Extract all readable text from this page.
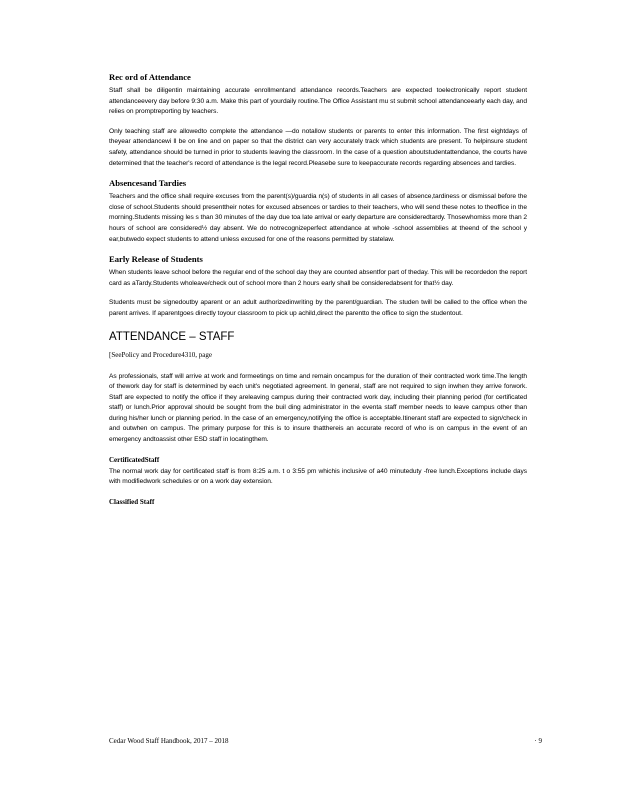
Rec ord of Attendance

Staff shall be diligentin maintaining accurate enrollmentand attendance records.Teachers are expected toelectronically report student attendanceevery day before 9:30 a.m. Make this part of yourdaily routine.The Office Assistant mu st submit school attendanceearly each day, and relies on promptreporting by teachers.

Only teaching staff are allowedto complete the attendance —do notallow students or parents to enter this information. The first eightdays of theyear attendancewi ll be on line and on paper so that the district can very accurately track which students are present. To helpinsure student safety, attendance should be turned in prior to students leaving the classroom. In the case of a question aboutstudentattendance, the courts have determined that the teacher's record of attendance is the legal record.Pleasebe sure to keepaccurate records regarding absences and tardies.

Absencesand Tardies

Teachers and the office shall require excuses from the parent(s)/guardia n(s) of students in all cases of absence,tardiness or dismissal before the close of school.Students should presenttheir notes for excused absences or tardies to their teachers, who will send these notes to theoffice in the morning.Students missing les s than 30 minutes of the day due toa late arrival or early departure are consideredtardy. Thosewhomiss more than 2 hours of school are considered½ day absent. We do notrecognizeperfect attendance at whole -school assemblies at theend of the school y ear,butwedo expect students to attend unless excused for one of the reasons permitted by statelaw.

Early Release of Students

When students leave school before the regular end of the school day they are counted absentfor part of theday. This will be recordedon the report card as aTardy.Students wholeave/check out of school more than 2 hours early shall be consideredabsent for that½ day.

Students must be signedoutby aparent or an adult authorizedinwriting by the parent/guardian. The studen twill be called to the office when the parent arrives. If aparentgoes directly toyour classroom to pick up achild,direct the parentto the office to sign the studentout.

ATTENDANCE – STAFF

[SeePolicy and Procedure4310, page

As professionals, staff will arrive at work and formeetings on time and remain oncampus for the duration of their contracted work time.The length of thework day for staff is determined by each unit's negotiated agreement. In general, staff are not required to sign inwhen they arrive forwork. Staff are expected to notify the office if they areleaving campus during their contracted work day, including their planning period (for certificated staff) or lunch.Prior approval should be sought from the buil ding administrator in the eventa staff member needs to leave campus other than during his/her lunch or planning period. In the case of an emergency,notifying the office is acceptable.Itinerant staff are expected to sign/check in and outwhen on campus. The primary purpose for this is to insure thatthereis an accurate record of who is on campus in the event of an emergency andtoassist other ESD staff in locatingthem.

CertificatedStaff

The normal work day for certificated staff is from 8:25 a.m. t o 3:55 pm whichis inclusive of a40 minuteduty -free lunch.Exceptions include days with modifiedwork schedules or on a work day extension.

Classified Staff
Cedar Wood Staff Handbook, 2017 – 2018	· 9
